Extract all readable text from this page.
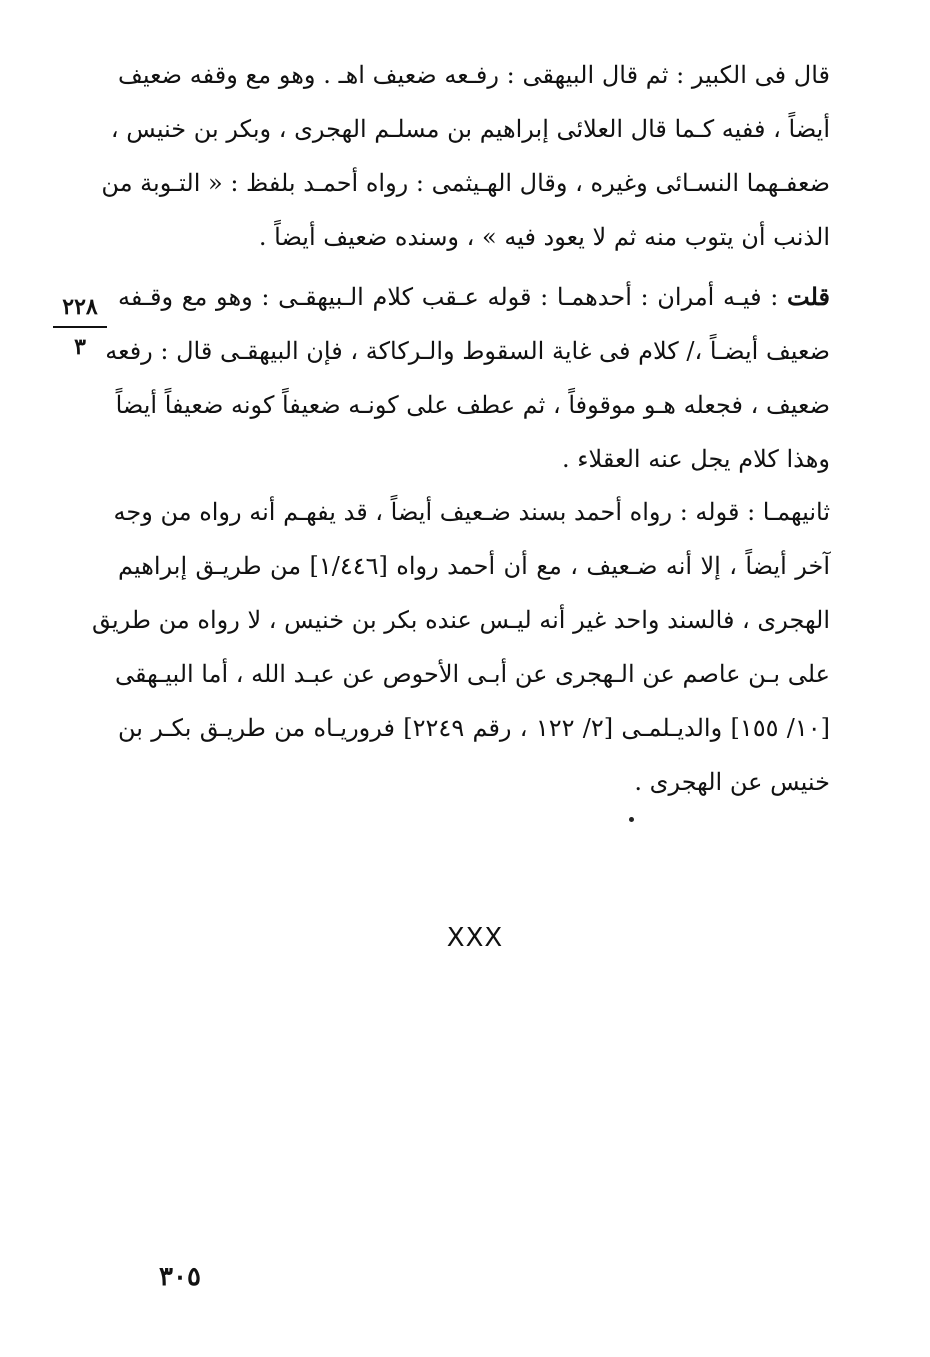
قال فى الكبير : ثم قال البيهقى : رفـعه ضعيف اهـ . وهو مع وقفه ضعيف
أيضاً ، ففيه كـما قال العلائى إبراهيم بن مسلـم الهجرى ، وبكر بن خنيس ،
ضعفـهما النسـائى وغيره ، وقال الهـيثمى : رواه أحمـد بلفظ : « التـوبة من
الذنب أن يتوب منه ثم لا يعود فيه » ، وسنده ضعيف أيضاً .
٢٢٨
٣
قلت : فيـه أمران : أحدهمـا : قوله عـقب كلام الـبيهقـى : وهو مع وقـفه
ضعيف أيضـاً ،/ كلام فى غاية السقوط والـركاكة ، فإن البيهقـى قال : رفعه
ضعيف ، فجعله هـو موقوفاً ، ثم عطف على كونـه ضعيفاً كونه ضعيفاً أيضاً
وهذا كلام يجل عنه العقلاء .
ثانيهمـا : قوله : رواه أحمد بسند ضـعيف أيضاً ، قد يفهـم أنه رواه من وجه
آخر أيضاً ، إلا أنه ضـعيف ، مع أن أحمد رواه [١/٤٤٦] من طريـق إبراهيم
الهجرى ، فالسند واحد غير أنه ليـس عنده بكر بن خنيس ، لا رواه من طريق
على بـن عاصم عن الـهجرى عن أبـى الأحوص عن عبـد الله ، أما البيـهقى
[١٠/ ١٥٥] والديـلمـى [٢/ ١٢٢ ، رقم ٢٢٤٩] فروريـاه من طريـق بكـر بن
خنيس عن الهجرى .
XXX
٣٠٥
